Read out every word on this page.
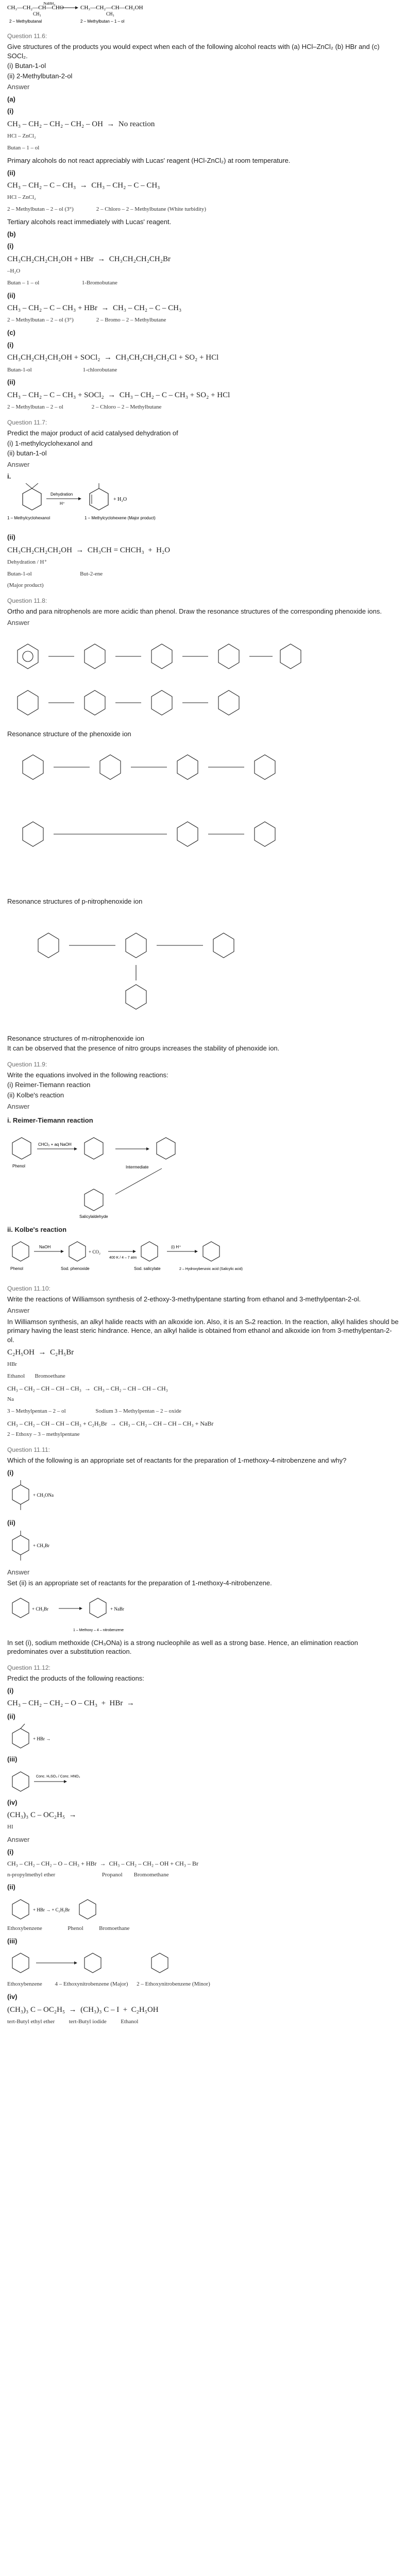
CH₃—CH₂—CH—CHO
NaBH₄
CH₃—CH₂—CH—CH₂OH
CH₃	CH₃
2 – Methylbutanal	2 – Methylbutan – 1 – ol
Question 11.6:
Give structures of the products you would expect when each of the following alcohol reacts with (a) HCl–ZnCl₂ (b) HBr and (c) SOCl₂.
(i) Butan-1-ol
(ii) 2-Methylbutan-2-ol
Answer
(a)
(i)
CH₃ – CH₂ – CH₂ – CH₂ – OH  →  No reaction
HCl – ZnCl₂
Butan – 1 – ol
Primary alcohols do not react appreciably with Lucas' reagent (HCl-ZnCl₂) at room temperature.
(ii)
CH₃ – CH₂ – C – CH₃  →  CH₃ – CH₂ – C – CH₃
HCl – ZnCl₂
2 – Methylbutan – 2 – ol (3°)                2 – Chloro – 2 – Methylbutane (White turbidity)
Tertiary alcohols react immediately with Lucas' reagent.
(b)
(i)
CH₃CH₂CH₂CH₂OH + HBr  →  CH₃CH₂CH₂CH₂Br
–H₂O
Butan – 1 – ol                              1-Bromobutane
(ii)
CH₃ – CH₂ – C – CH₃ + HBr  →  CH₃ – CH₂ – C – CH₃
2 – Methylbutan – 2 – ol (3°)                2 – Bromo – 2 – Methylbutane
(c)
(i)
CH₃CH₂CH₂CH₂OH + SOCl₂  →  CH₃CH₂CH₂CH₂Cl + SO₂ + HCl
Butan-1-ol                                    1-chlorobutane
(ii)
CH₃ – CH₂ – C – CH₃ + SOCl₂  →  CH₃ – CH₂ – C – CH₃ + SO₂ + HCl
2 – Methylbutan – 2 – ol                    2 – Chloro – 2 – Methylbutane
Question 11.7:
Predict the major product of acid catalysed dehydration of
(i) 1-methylcyclohexanol and
(ii) butan-1-ol
Answer
i.
Dehydration
H⁺
+ H₂O
1 – Methylcyclohexanol	1 – Methylcyclohexene (Major product)
(ii)
CH₃CH₂CH₂CH₂OH  →  CH₃CH = CHCH₃  +  H₂O
Dehydration / H⁺
Butan-1-ol                                  But-2-ene
(Major product)
Question 11.8:
Ortho and para nitrophenols are more acidic than phenol. Draw the resonance structures of the corresponding phenoxide ions.
Answer
Resonance structure of the phenoxide ion
Resonance structures of p-nitrophenoxide ion
Resonance structures of m-nitrophenoxide ion
It can be observed that the presence of nitro groups increases the stability of phenoxide ion.
Question 11.9:
Write the equations involved in the following reactions:
(i) Reimer-Tiemann reaction
(ii) Kolbe's reaction
Answer
i. Reimer-Tiemann reaction
CHCl₃ + aq NaOH
Phenol	Intermediate
Salicylaldehyde
ii. Kolbe's reaction
NaOH
+ CO₂
400 K / 4 – 7 atm
(i) H⁺
Phenol	Sod. phenoxide	Sod. salicylate	2 – Hydroxybenzoic acid (Salicylic acid)
Question 11.10:
Write the reactions of Williamson synthesis of 2-ethoxy-3-methylpentane starting from ethanol and 3-methylpentan-2-ol.
Answer
In Williamson synthesis, an alkyl halide reacts with an alkoxide ion. Also, it is an Sₙ2 reaction. In the reaction, alkyl halides should be primary having the least steric hindrance. Hence, an alkyl halide is obtained from ethanol and alkoxide ion from 3-methylpentan-2-ol.
C₂H₅OH  →  C₂H₅Br
HBr
Ethanol       Bromoethane
CH₃ – CH₂ – CH – CH – CH₃  →  CH₃ – CH₂ – CH – CH – CH₃
Na
3 – Methylpentan – 2 – ol                     Sodium 3 – Methylpentan – 2 – oxide
CH₃ – CH₂ – CH – CH – CH₃ + C₂H₅Br  →  CH₃ – CH₂ – CH – CH – CH₃ + NaBr
2 – Ethoxy – 3 – methylpentane
Question 11.11:
Which of the following is an appropriate set of reactants for the preparation of 1-methoxy-4-nitrobenzene and why?
(i)
+ CH₃ONa
(ii)
+ CH₃Br
Answer
Set (ii) is an appropriate set of reactants for the preparation of 1-methoxy-4-nitrobenzene.
+ CH₃Br	+ NaBr
1 – Methoxy – 4 – nitrobenzene
In set (i), sodium methoxide (CH₃ONa) is a strong nucleophile as well as a strong base. Hence, an elimination reaction predominates over a substitution reaction.
Question 11.12:
Predict the products of the following reactions:
(i)
CH₃ – CH₂ – CH₂ – O – CH₃  +  HBr  →
(ii)
+ HBr →
(iii)
Conc. H₂SO₄ / Conc. HNO₃
(iv)
(CH₃)₃ C – OC₂H₅  →
HI
Answer
(i)
CH₃ – CH₂ – CH₂ – O – CH₃ + HBr  →  CH₃ – CH₂ – CH₂ – OH + CH₃ – Br
n-propylmethyl ether                                 Propanol        Bromomethane
(ii)
+ HBr → + C₂H₅Br
Ethoxybenzene                  Phenol           Bromoethane
(iii)
Ethoxybenzene         4 – Ethoxynitrobenzene (Major)      2 – Ethoxynitrobenzene (Minor)
(iv)
(CH₃)₃ C – OC₂H₅  →  (CH₃)₃ C – I  +  C₂H₅OH
tert-Butyl ethyl ether          tert-Butyl iodide          Ethanol
